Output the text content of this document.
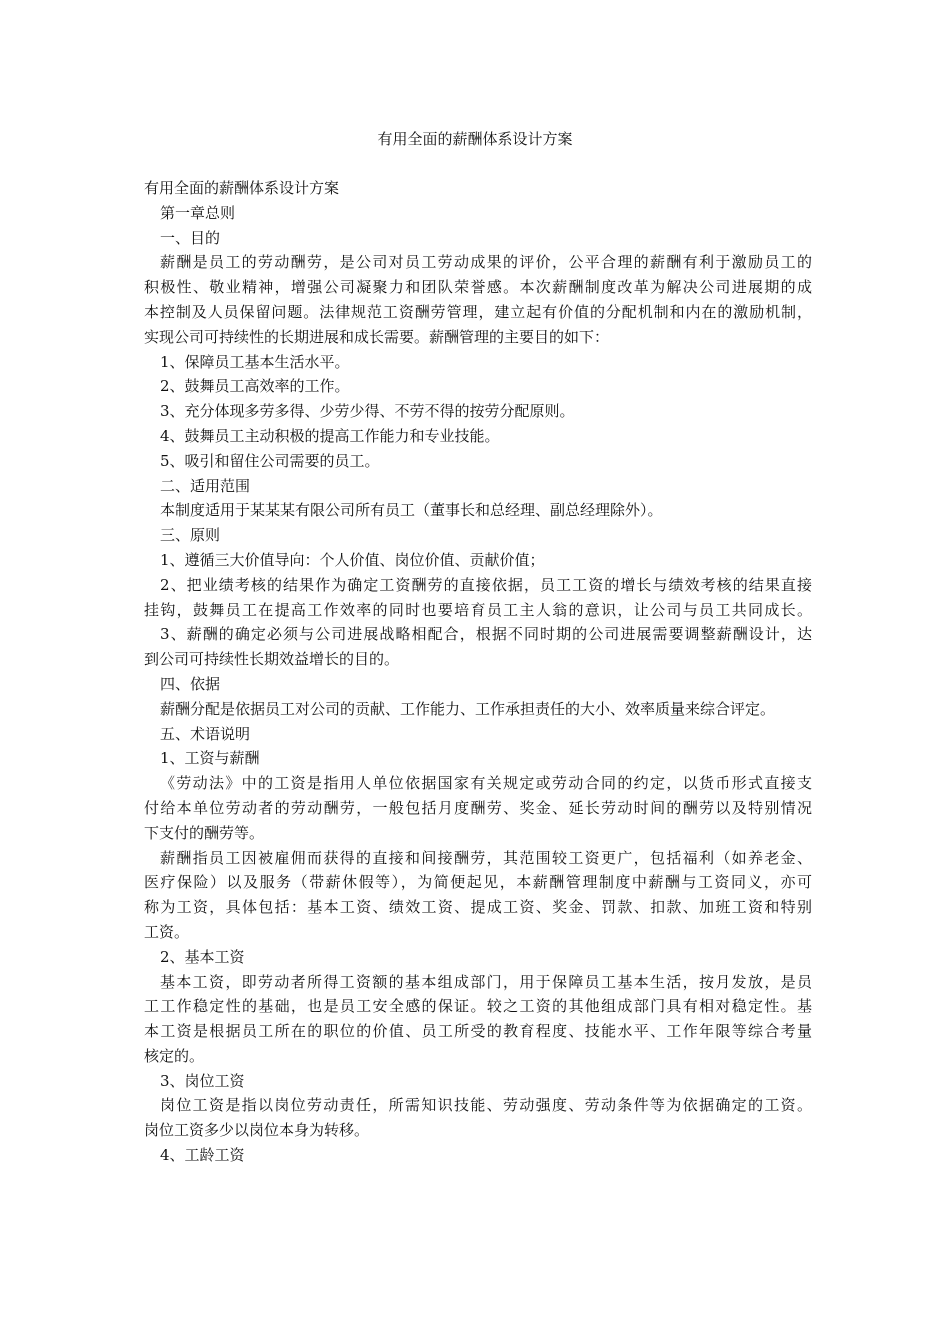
有用全面的薪酬体系设计方案
有用全面的薪酬体系设计方案
第一章总则
一、目的
薪酬是员工的劳动酬劳，是公司对员工劳动成果的评价，公平合理的薪酬有利于激励员工的
积极性、敬业精神，增强公司凝聚力和团队荣誉感。本次薪酬制度改革为解决公司进展期的成
本控制及人员保留问题。法律规范工资酬劳管理，建立起有价值的分配机制和内在的激励机制，
实现公司可持续性的长期进展和成长需要。薪酬管理的主要目的如下：
1、保障员工基本生活水平。
2、鼓舞员工高效率的工作。
3、充分体现多劳多得、少劳少得、不劳不得的按劳分配原则。
4、鼓舞员工主动积极的提高工作能力和专业技能。
5、吸引和留住公司需要的员工。
二、适用范围
本制度适用于某某某有限公司所有员工（董事长和总经理、副总经理除外）。
三、原则
1、遵循三大价值导向：个人价值、岗位价值、贡献价值；
2、把业绩考核的结果作为确定工资酬劳的直接依据，员工工资的增长与绩效考核的结果直接
挂钩，鼓舞员工在提高工作效率的同时也要培育员工主人翁的意识，让公司与员工共同成长。
3、薪酬的确定必须与公司进展战略相配合，根据不同时期的公司进展需要调整薪酬设计，达
到公司可持续性长期效益增长的目的。
四、依据
薪酬分配是依据员工对公司的贡献、工作能力、工作承担责任的大小、效率质量来综合评定。
五、术语说明
1、工资与薪酬
《劳动法》中的工资是指用人单位依据国家有关规定或劳动合同的约定，以货币形式直接支
付给本单位劳动者的劳动酬劳，一般包括月度酬劳、奖金、延长劳动时间的酬劳以及特别情况
下支付的酬劳等。
薪酬指员工因被雇佣而获得的直接和间接酬劳，其范围较工资更广，包括福利（如养老金、
医疗保险）以及服务（带薪休假等），为简便起见，本薪酬管理制度中薪酬与工资同义，亦可
称为工资，具体包括：基本工资、绩效工资、提成工资、奖金、罚款、扣款、加班工资和特别
工资。
2、基本工资
基本工资，即劳动者所得工资额的基本组成部门，用于保障员工基本生活，按月发放，是员
工工作稳定性的基础，也是员工安全感的保证。较之工资的其他组成部门具有相对稳定性。基
本工资是根据员工所在的职位的价值、员工所受的教育程度、技能水平、工作年限等综合考量
核定的。
3、岗位工资
岗位工资是指以岗位劳动责任，所需知识技能、劳动强度、劳动条件等为依据确定的工资。
岗位工资多少以岗位本身为转移。
4、工龄工资
